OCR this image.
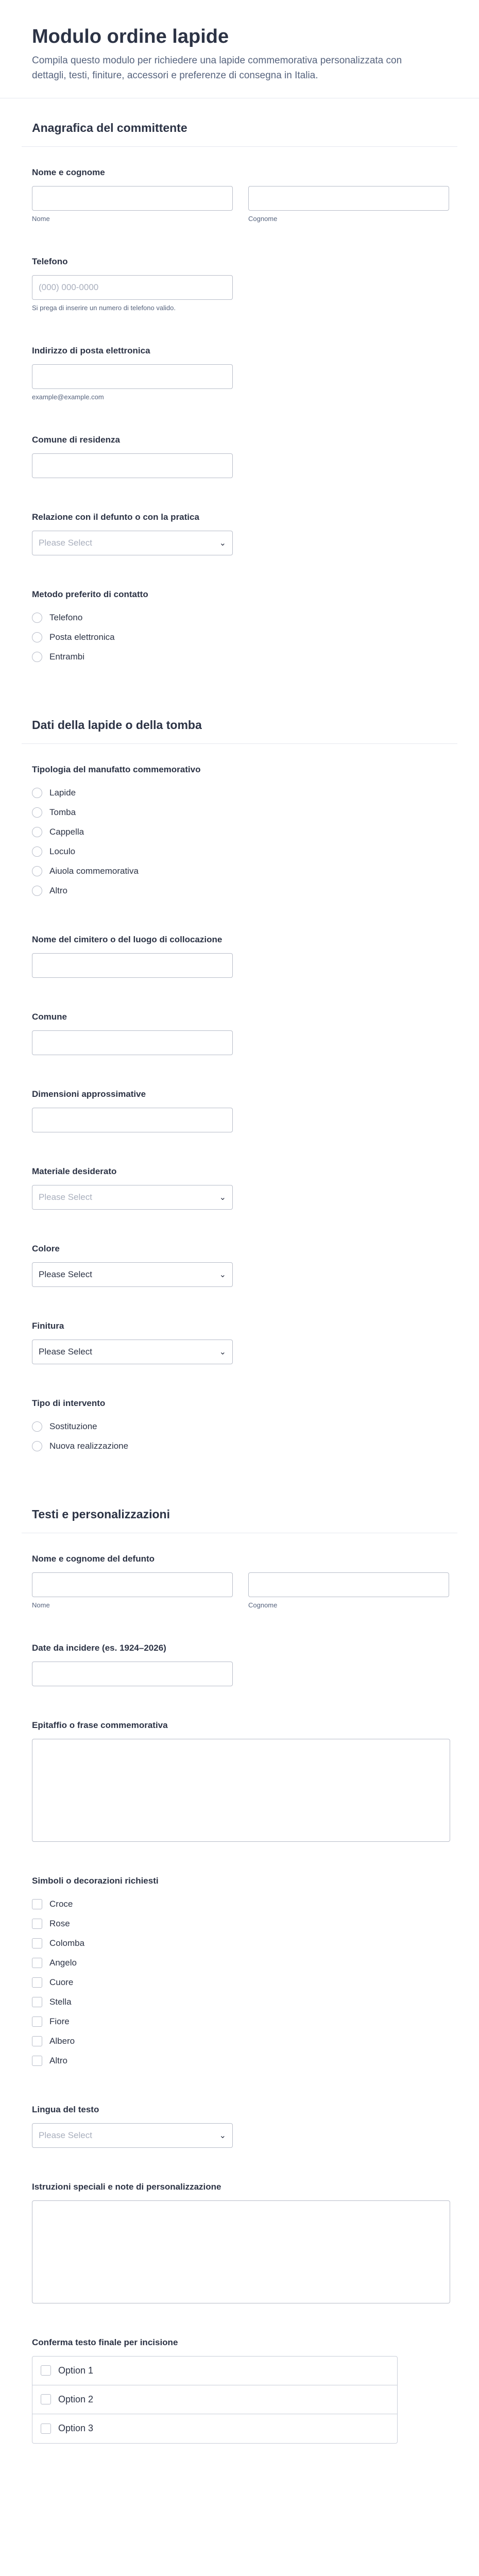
Modulo ordine lapide

Compila questo modulo per richiedere una lapide commemorativa personalizzata con dettagli, testi, finiture, accessori e preferenze di consegna in Italia.

Anagrafica del committente
Nome e cognome
Nome	Cognome
Telefono
(000) 000-0000
Si prega di inserire un numero di telefono valido.
Indirizzo di posta elettronica
example@example.com
Comune di residenza
Relazione con il defunto o con la pratica
Please Select	⌄
Metodo preferito di contatto
Telefono
Posta elettronica
Entrambi
Dati della lapide o della tomba
Tipologia del manufatto commemorativo
Lapide
Tomba
Cappella
Loculo
Aiuola commemorativa
Altro
Nome del cimitero o del luogo di collocazione
Comune
Dimensioni approssimative
Materiale desiderato
Please Select	⌄
Colore
Please Select	⌄
Finitura
Please Select	⌄
Tipo di intervento
Sostituzione
Nuova realizzazione
Testi e personalizzazioni
Nome e cognome del defunto
Nome	Cognome
Date da incidere (es. 1924–2026)
Epitaffio o frase commemorativa
Simboli o decorazioni richiesti
Croce
Rose
Colomba
Angelo
Cuore
Stella
Fiore
Albero
Altro
Lingua del testo
Please Select	⌄
Istruzioni speciali e note di personalizzazione
Conferma testo finale per incisione
Option 1
Option 2
Option 3
